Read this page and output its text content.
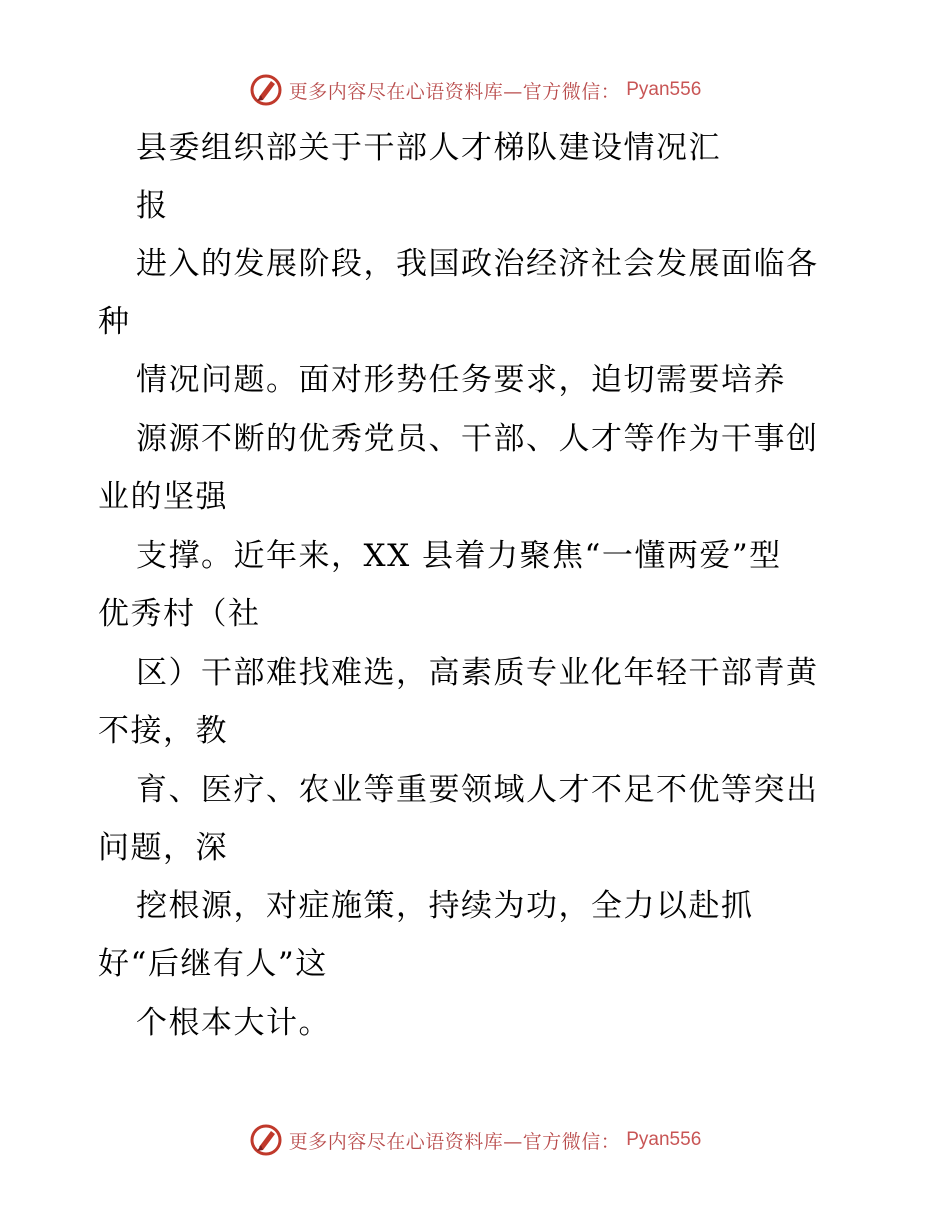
更多内容尽在心语资料库—官方微信： Pyan556
县委组织部关于干部人才梯队建设情况汇
报
进入的发展阶段，我国政治经济社会发展面临各
种
情况问题。面对形势任务要求，迫切需要培养
源源不断的优秀党员、干部、人才等作为干事创
业的坚强
支撑。近年来，XX 县着力聚焦“一懂两爱”型
优秀村（社
区）干部难找难选，高素质专业化年轻干部青黄
不接，教
育、医疗、农业等重要领域人才不足不优等突出
问题，深
挖根源，对症施策，持续为功，全力以赴抓
好“后继有人”这
个根本大计。
更多内容尽在心语资料库—官方微信： Pyan556
